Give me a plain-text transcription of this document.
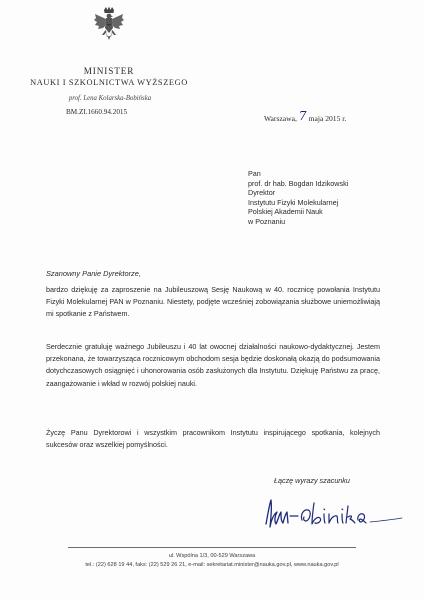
MINISTER
NAUKI I SZKOLNICTWA WYŻSZEGO
prof. Lena Kolarska-Bobińska
BM.ZI.1660.94.2015
Warszawa, 7 maja 2015 r.
Pan
prof. dr hab. Bogdan Idzikowski
Dyrektor
Instytutu Fizyki Molekularnej
Polskiej Akademii Nauk
w Poznaniu
Szanowny Panie Dyrektorze,
bardzo dziękuję za zaproszenie na Jubileuszową Sesję Naukową w 40. rocznicę powołania Instytutu Fizyki Molekularnej PAN w Poznaniu. Niestety, podjęte wcześniej zobowiązania służbowe uniemożliwiają mi spotkanie z Państwem.
Serdecznie gratuluję ważnego Jubileuszu i 40 lat owocnej działalności naukowo-dydaktycznej. Jestem przekonana, że towarzysząca rocznicowym obchodom sesja będzie doskonałą okazją do podsumowania dotychczasowych osiągnięć i uhonorowania osób zasłużonych dla Instytutu. Dziękuję Państwu za pracę, zaangażowanie i wkład w rozwój polskiej nauki.
Życzę Panu Dyrektorowi i wszystkim pracownikom Instytutu inspirującego spotkania, kolejnych sukcesów oraz wszelkiej pomyślności.
Łączę wyrazy szacunku
ul. Wspólna 1/3, 00-529 Warszawa
tel.: (22) 628 19 44, faks: (22) 529 26 21, e-mail: sekretariat.minister@nauka.gov.pl, www.nauka.gov.pl
